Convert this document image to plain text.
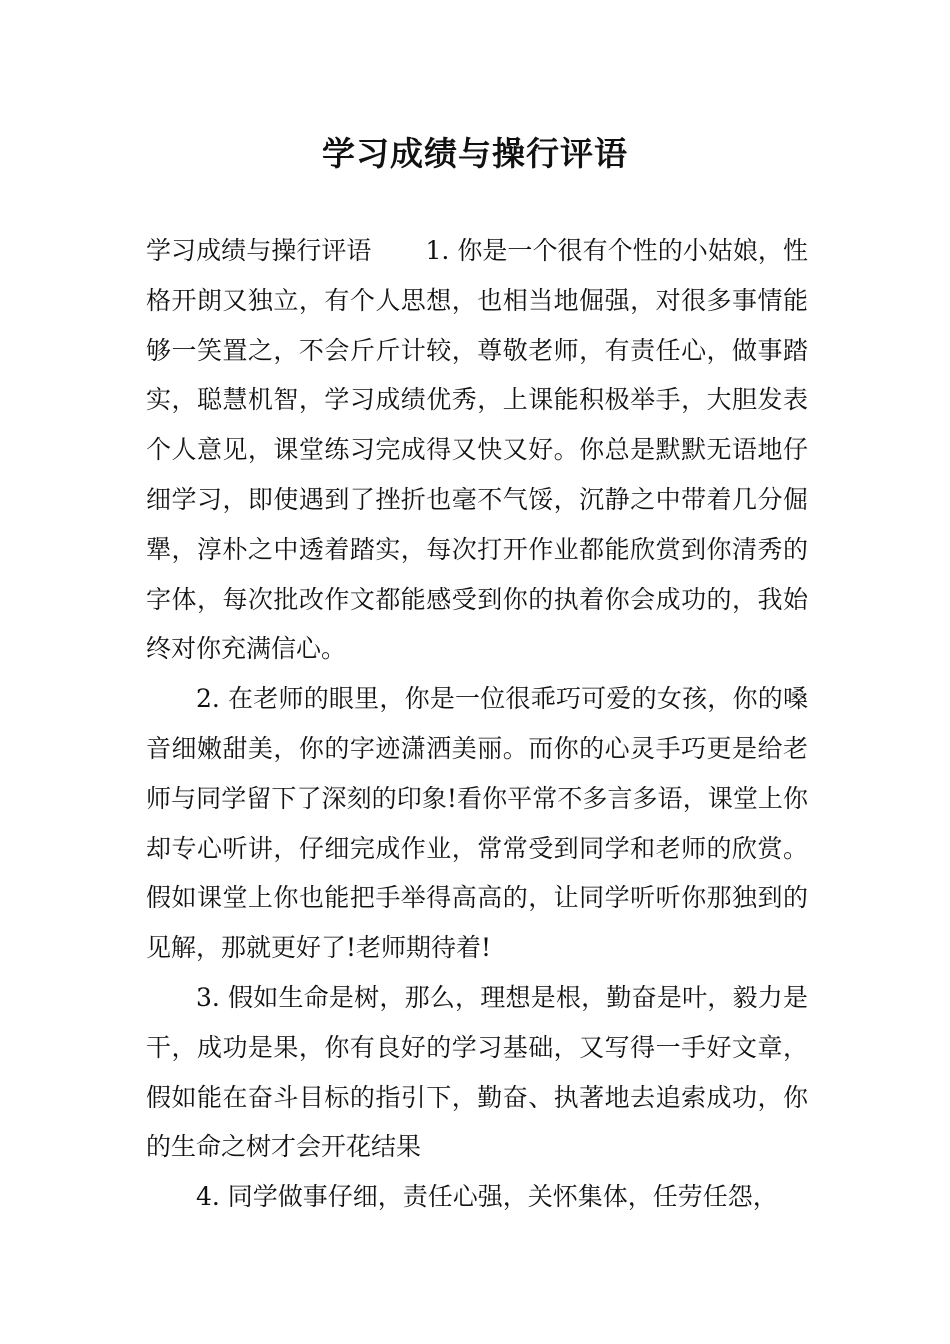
学习成绩与操行评语

学习成绩与操行评语 1. 你是一个很有个性的小姑娘，性格开朗又独立，有个人思想，也相当地倔强，对很多事情能够一笑置之，不会斤斤计较，尊敬老师，有责任心，做事踏实，聪慧机智，学习成绩优秀，上课能积极举手，大胆发表个人意见，课堂练习完成得又快又好。你总是默默无语地仔细学习，即使遇到了挫折也毫不气馁，沉静之中带着几分倔犟，淳朴之中透着踏实，每次打开作业都能欣赏到你清秀的字体，每次批改作文都能感受到你的执着你会成功的，我始终对你充满信心。

2. 在老师的眼里，你是一位很乖巧可爱的女孩，你的嗓音细嫩甜美，你的字迹潇洒美丽。而你的心灵手巧更是给老师与同学留下了深刻的印象!看你平常不多言多语，课堂上你却专心听讲，仔细完成作业，常常受到同学和老师的欣赏。假如课堂上你也能把手举得高高的，让同学听听你那独到的见解，那就更好了!老师期待着!

3. 假如生命是树，那么，理想是根，勤奋是叶，毅力是干，成功是果，你有良好的学习基础，又写得一手好文章，假如能在奋斗目标的指引下，勤奋、执著地去追索成功，你的生命之树才会开花结果

4. 同学做事仔细，责任心强，关怀集体，任劳任怨，
